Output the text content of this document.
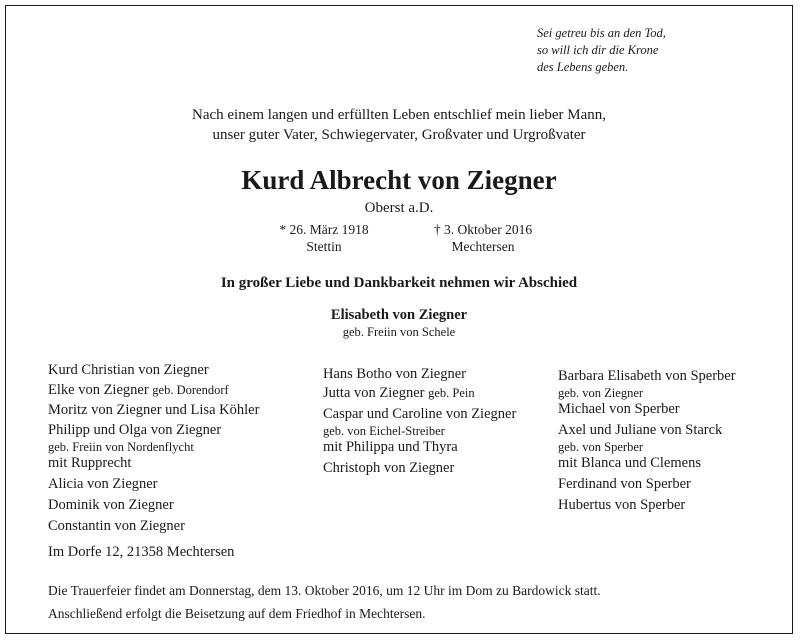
Sei getreu bis an den Tod,
so will ich dir die Krone
des Lebens geben.
Nach einem langen und erfüllten Leben entschlief mein lieber Mann,
unser guter Vater, Schwiegervater, Großvater und Urgroßvater
Kurd Albrecht von Ziegner
Oberst a.D.
* 26. März 1918
Stettin
† 3. Oktober 2016
Mechtersen
In großer Liebe und Dankbarkeit nehmen wir Abschied
Elisabeth von Ziegner
geb. Freiin von Schele
Kurd Christian von Ziegner
Elke von Ziegner geb. Dorendorf
Moritz von Ziegner und Lisa Köhler
Philipp und Olga von Ziegner
geb. Freiin von Nordenflycht
mit Rupprecht
Alicia von Ziegner
Dominik von Ziegner
Constantin von Ziegner
Hans Botho von Ziegner
Jutta von Ziegner geb. Pein
Caspar und Caroline von Ziegner
geb. von Eichel-Streiber
mit Philippa und Thyra
Christoph von Ziegner
Barbara Elisabeth von Sperber
geb. von Ziegner
Michael von Sperber
Axel und Juliane von Starck
geb. von Sperber
mit Blanca und Clemens
Ferdinand von Sperber
Hubertus von Sperber
Im Dorfe 12, 21358 Mechtersen
Die Trauerfeier findet am Donnerstag, dem 13. Oktober 2016, um 12 Uhr im Dom zu Bardowick statt.
Anschließend erfolgt die Beisetzung auf dem Friedhof in Mechtersen.
